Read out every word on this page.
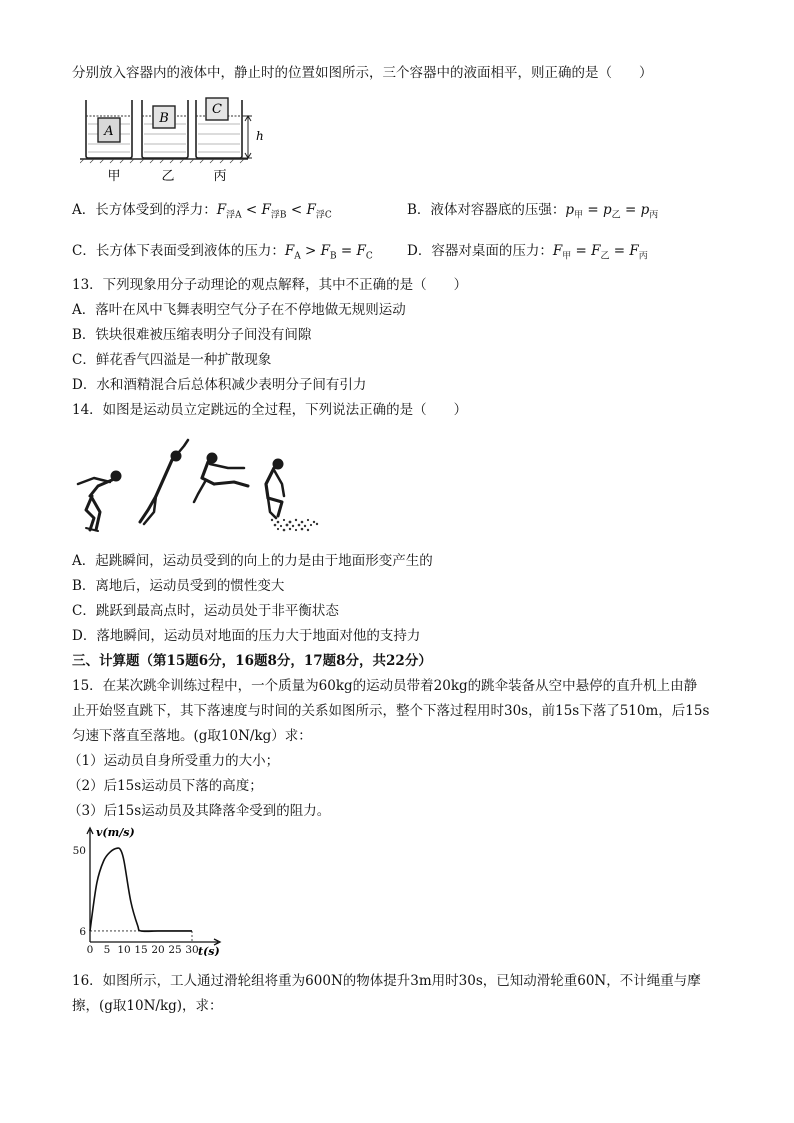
分别放入容器内的液体中，静止时的位置如图所示，三个容器中的液面相平，则正确的是（　　）
A
B
C
h
甲	乙	丙
A．长方体受到的浮力：$F_{浮A} < F_{浮B} < F_{浮C}$	B．液体对容器底的压强：$p_甲 = p_乙 = p_丙$
C．长方体下表面受到液体的压力：$F_A > F_B = F_C$	D．容器对桌面的压力：$F_甲 = F_乙 = F_丙$
13．下列现象用分子动理论的观点解释，其中不正确的是（　　）
A．落叶在风中飞舞表明空气分子在不停地做无规则运动
B．铁块很难被压缩表明分子间没有间隙
C．鲜花香气四溢是一种扩散现象
D．水和酒精混合后总体积减少表明分子间有引力
14．如图是运动员立定跳远的全过程，下列说法正确的是（　　）
A．起跳瞬间，运动员受到的向上的力是由于地面形变产生的
B．离地后，运动员受到的惯性变大
C．跳跃到最高点时，运动员处于非平衡状态
D．落地瞬间，运动员对地面的压力大于地面对他的支持力
三、计算题（第15题6分，16题8分，17题8分，共22分）
15．在某次跳伞训练过程中，一个质量为60kg的运动员带着20kg的跳伞装备从空中悬停的直升机上由静
止开始竖直跳下，其下落速度与时间的关系如图所示，整个下落过程用时30s，前15s下落了510m，后15s
匀速下落直至落地。(g取10N/kg）求：
（1）运动员自身所受重力的大小；
（2）后15s运动员下落的高度；
（3）后15s运动员及其降落伞受到的阻力。
0 5 10 15 20 25 30
6
50
v(m/s)
t(s)
16．如图所示，工人通过滑轮组将重为600N的物体提升3m用时30s，已知动滑轮重60N，不计绳重与摩
擦，(g取10N/kg)，求：
